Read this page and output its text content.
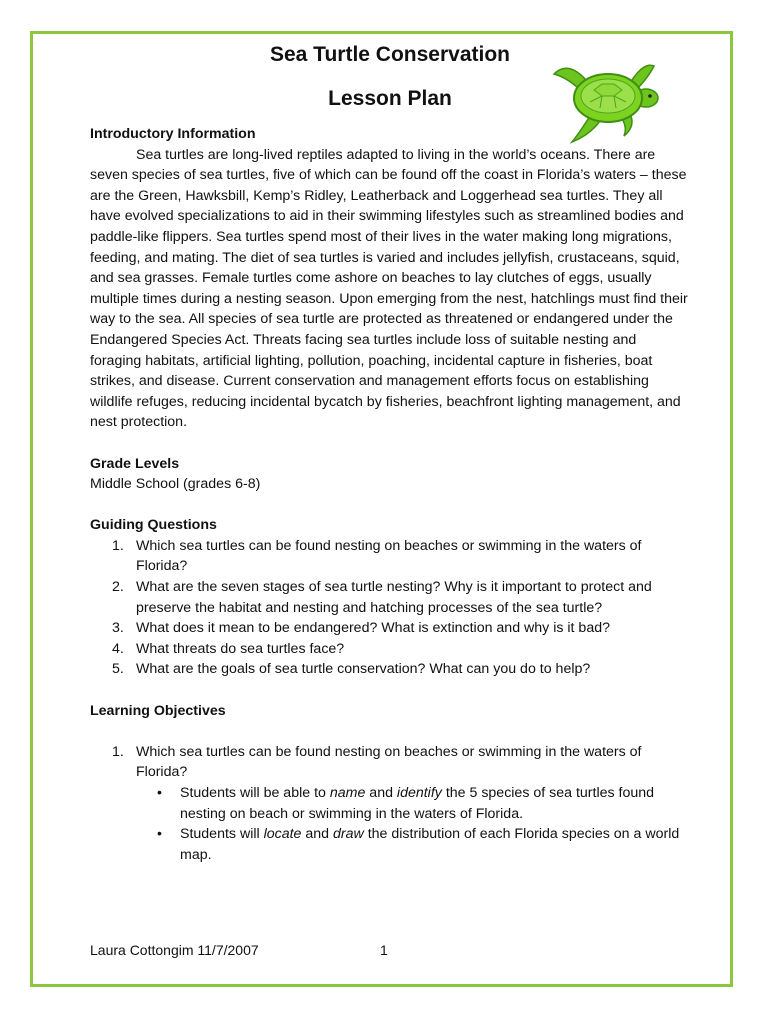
Sea Turtle Conservation
Lesson Plan

Introductory Information

Sea turtles are long-lived reptiles adapted to living in the world’s oceans. There are seven species of sea turtles, five of which can be found off the coast in Florida’s waters – these are the Green, Hawksbill, Kemp’s Ridley, Leatherback and Loggerhead sea turtles. They all have evolved specializations to aid in their swimming lifestyles such as streamlined bodies and paddle-like flippers. Sea turtles spend most of their lives in the water making long migrations, feeding, and mating. The diet of sea turtles is varied and includes jellyfish, crustaceans, squid, and sea grasses. Female turtles come ashore on beaches to lay clutches of eggs, usually multiple times during a nesting season. Upon emerging from the nest, hatchlings must find their way to the sea. All species of sea turtle are protected as threatened or endangered under the Endangered Species Act. Threats facing sea turtles include loss of suitable nesting and foraging habitats, artificial lighting, pollution, poaching, incidental capture in fisheries, boat strikes, and disease. Current conservation and management efforts focus on establishing wildlife refuges, reducing incidental bycatch by fisheries, beachfront lighting management, and nest protection.

Grade Levels

Middle School (grades 6-8)

Guiding Questions

1. Which sea turtles can be found nesting on beaches or swimming in the waters of Florida?
2. What are the seven stages of sea turtle nesting? Why is it important to protect and preserve the habitat and nesting and hatching processes of the sea turtle?
3. What does it mean to be endangered? What is extinction and why is it bad?
4. What threats do sea turtles face?
5. What are the goals of sea turtle conservation? What can you do to help?

Learning Objectives

1. Which sea turtles can be found nesting on beaches or swimming in the waters of Florida?
• Students will be able to name and identify the 5 species of sea turtles found nesting on beach or swimming in the waters of Florida.
• Students will locate and draw the distribution of each Florida species on a world map.
Laura Cottongim 11/7/2007	1
